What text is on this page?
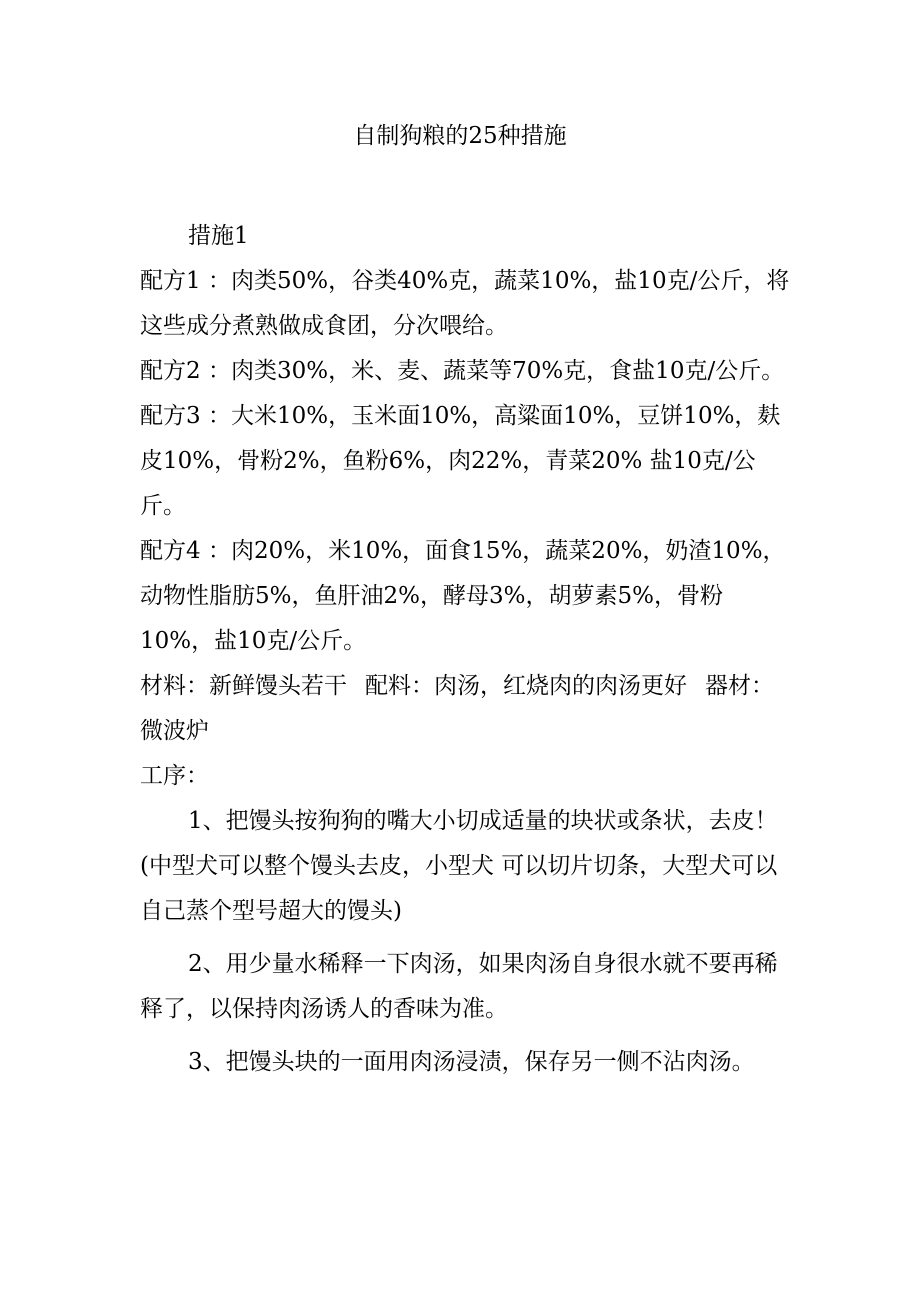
自制狗粮的25种措施

措施1

配方1 ：肉类50%，谷类40%克，蔬菜10%，盐10克/公斤，将这些成分煮熟做成食团，分次喂给。

配方2 ：肉类30%，米、麦、蔬菜等70%克，食盐10克/公斤。

配方3 ：大米10%，玉米面10%，高粱面10%，豆饼10%，麸皮10%，骨粉2%，鱼粉6%，肉22%，青菜20% 盐10克/公斤。

配方4 ：肉20%，米10%，面食15%，蔬菜20%，奶渣10%，动物性脂肪5%，鱼肝油2%，酵母3%，胡萝素5%，骨粉10%，盐10克/公斤。

材料：新鲜馒头若干 配料：肉汤，红烧肉的肉汤更好 器材：微波炉

工序：

1、把馒头按狗狗的嘴大小切成适量的块状或条状，去皮！(中型犬可以整个馒头去皮，小型犬 可以切片切条，大型犬可以自己蒸个型号超大的馒头)

2、用少量水稀释一下肉汤，如果肉汤自身很水就不要再稀释了，以保持肉汤诱人的香味为准。

3、把馒头块的一面用肉汤浸渍，保存另一侧不沾肉汤。
